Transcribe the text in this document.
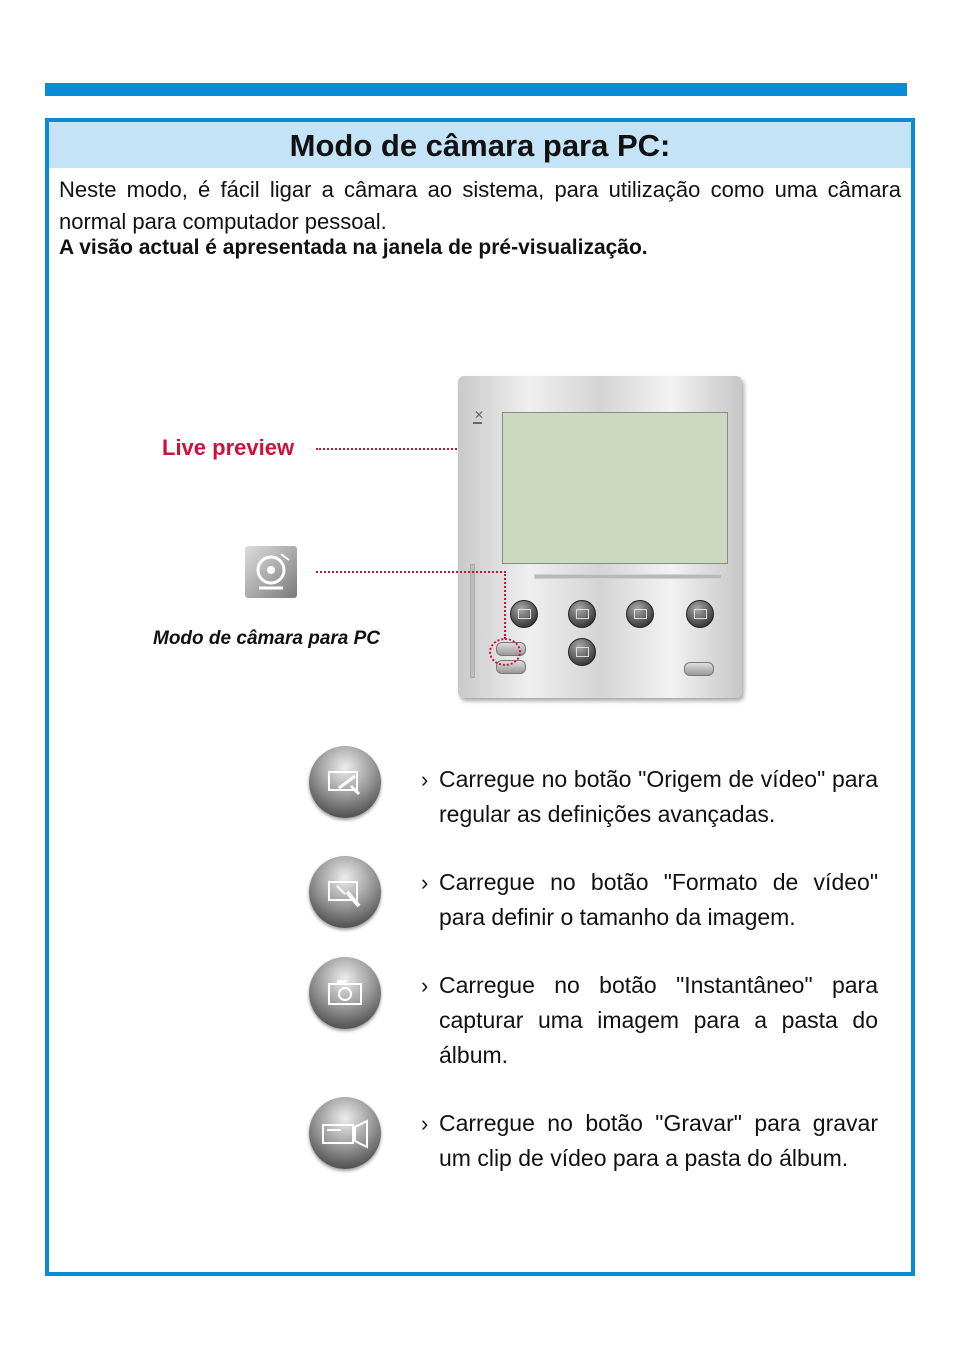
Modo de câmara para PC:

Neste modo, é fácil ligar a câmara ao sistema, para utilização como uma câmara normal para computador pessoal.

A visão actual é apresentada na janela de pré-visualização.

Live preview
Modo de câmara para PC
✕
› Carregue no botão "Origem de vídeo" para regular as definições avançadas.

› Carregue no botão "Formato de vídeo" para definir o tamanho da imagem.

› Carregue no botão "Instantâneo" para capturar uma imagem para a pasta do álbum.

› Carregue no botão "Gravar" para gravar um clip de vídeo para a pasta do álbum.
